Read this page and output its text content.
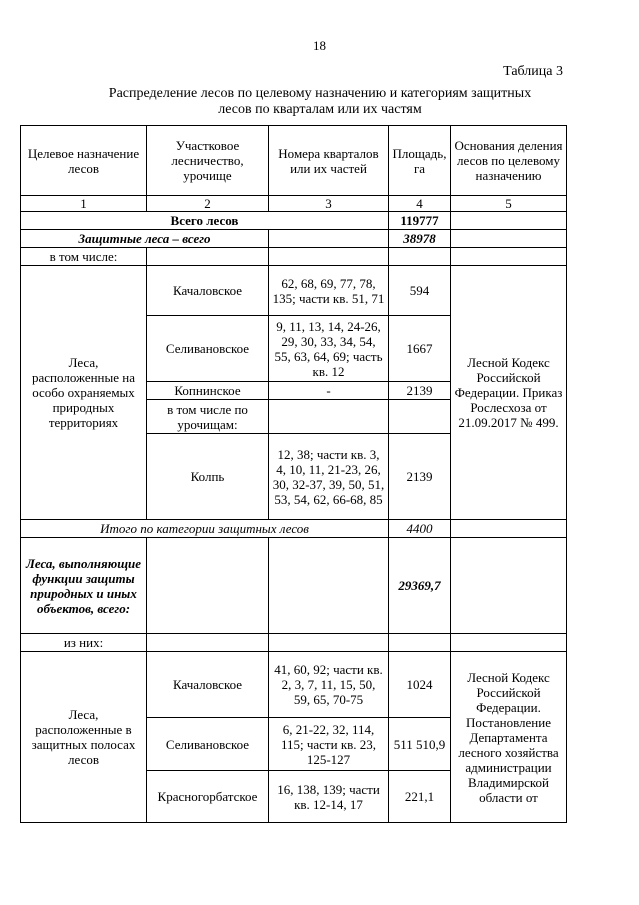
18
Таблица 3
Распределение лесов по целевому назначению и категориям защитных
лесов по кварталам или их частям
Целевое назначение лесов	Участковое лесничество, урочище	Номера кварталов или их частей	Площадь, га	Основания деления лесов по целевому назначению
1	2	3	4	5
Всего лесов			119777	
Защитные леса – всего			38978	
в том числе:				
Леса, расположенные на особо охраняемых природных территориях	Качаловское	62, 68, 69, 77, 78, 135; части кв. 51, 71	594	Лесной Кодекс Российской Федерации. Приказ Рослесхоза от 21.09.2017 № 499.
	Селивановское	9, 11, 13, 14, 24-26, 29, 30, 33, 34, 54, 55, 63, 64, 69; часть кв. 12	1667	
	Копнинское	-	2139	
	в том числе по урочищам:			
	Колпь	12, 38; части кв. 3, 4, 10, 11, 21-23, 26, 30, 32-37, 39, 50, 51, 53, 54, 62, 66-68, 85	2139	
Итого по категории защитных лесов			4400	
Леса, выполняющие функции защиты природных и иных объектов, всего:			29369,7	
из них:				
Леса, расположенные в защитных полосах лесов	Качаловское	41, 60, 92; части кв. 2, 3, 7, 11, 15, 50, 59, 65, 70-75	1024	Лесной Кодекс Российской Федерации. Постановление Департамента лесного хозяйства администрации Владимирской области от
	Селивановское	6, 21-22, 32, 114, 115; части кв. 23, 125-127	511 510,9	
	Красногорбатское	16, 138, 139; части кв. 12-14, 17	221,1	
